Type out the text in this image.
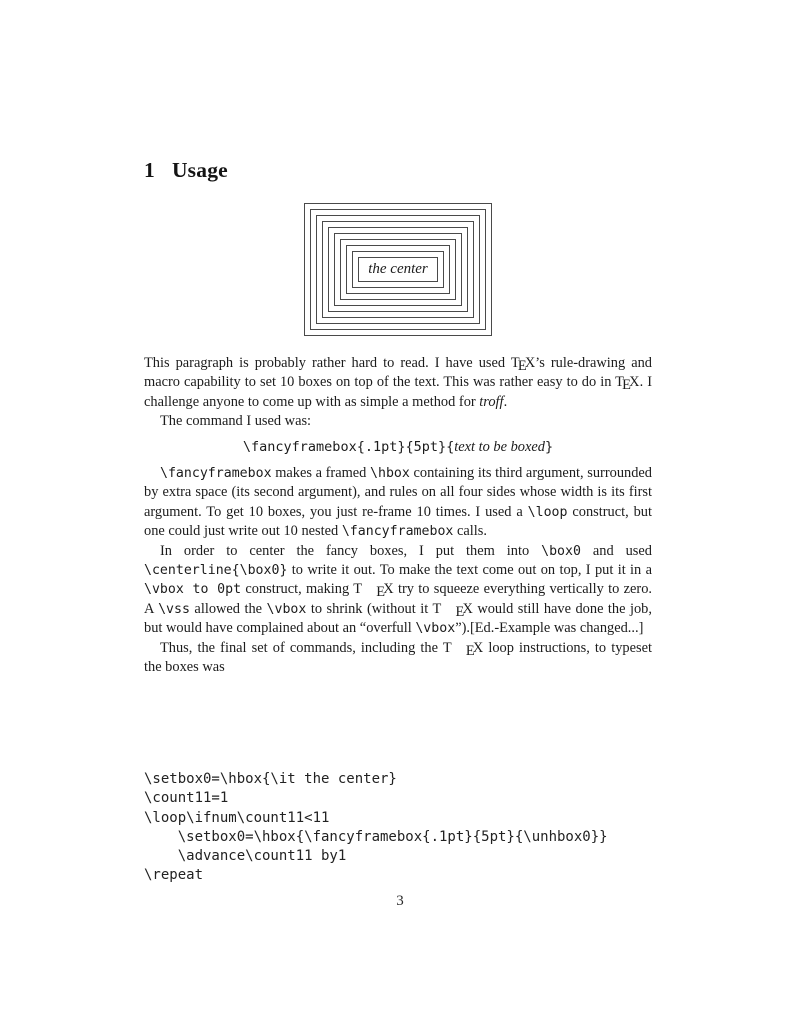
1 Usage
the center

This paragraph is probably rather hard to read. I have used TEX’s rule-drawing and macro capability to set 10 boxes on top of the text. This was rather easy to do in TEX. I challenge anyone to come up with as simple a method for troff.

The command I used was:

\fancyframebox{.1pt}{5pt}{text to be boxed}

\fancyframebox makes a framed \hbox containing its third argument, surrounded by extra space (its second argument), and rules on all four sides whose width is its first argument. To get 10 boxes, you just re-frame 10 times. I used a \loop construct, but one could just write out 10 nested \fancyframebox calls.

In order to center the fancy boxes, I put them into \box0 and used \centerline{\box0} to write it out. To make the text come out on top, I put it in a \vbox to 0pt construct, making T EX try to squeeze everything vertically to zero. A \vss allowed the \vbox to shrink (without it T EX would still have done the job, but would have complained about an “overfull \vbox”).[Ed.-Example was changed...]

Thus, the final set of commands, including the T EX loop instructions, to typeset the boxes was

\setbox0=\hbox{\it the center}
\count11=1
\loop\ifnum\count11<11
\setbox0=\hbox{\fancyframebox{.1pt}{5pt}{\unhbox0}}
\advance\count11 by1
\repeat
3
